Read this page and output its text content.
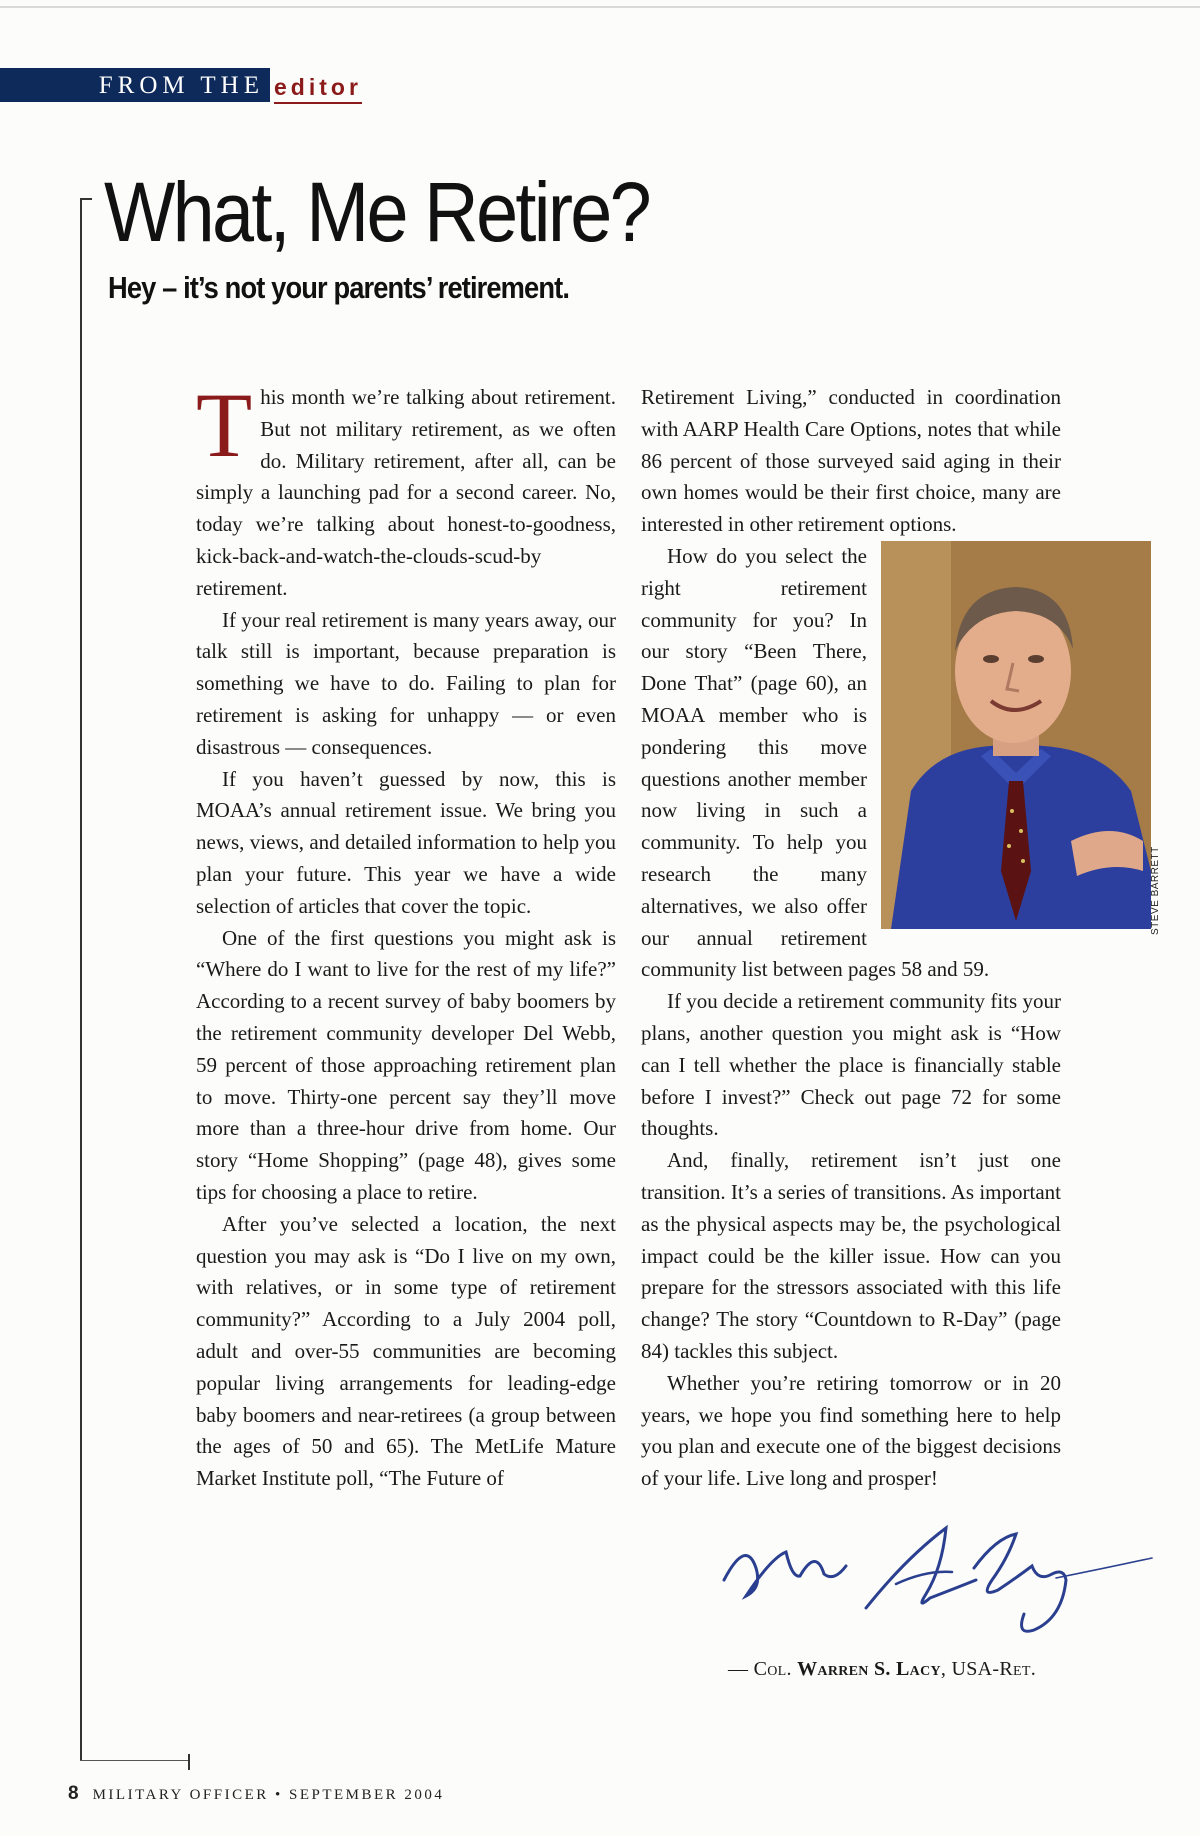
FROM THE editor
What, Me Retire?
Hey – it’s not your parents’ retirement.

This month we’re talking about retirement. But not military retirement, as we often do. Military retirement, after all, can be simply a launching pad for a second career. No, today we’re talking about honest-to-goodness, kick-back-and-watch-the-clouds-scud-by retirement.

If your real retirement is many years away, our talk still is important, because preparation is something we have to do. Failing to plan for retirement is asking for unhappy — or even disastrous — consequences.

If you haven’t guessed by now, this is MOAA’s annual retirement issue. We bring you news, views, and detailed information to help you plan your future. This year we have a wide selection of articles that cover the topic.

One of the first questions you might ask is “Where do I want to live for the rest of my life?” According to a recent survey of baby boomers by the retirement community developer Del Webb, 59 percent of those approaching retirement plan to move. Thirty-one percent say they’ll move more than a three-hour drive from home. Our story “Home Shopping” (page 48), gives some tips for choosing a place to retire.

After you’ve selected a location, the next question you may ask is “Do I live on my own, with relatives, or in some type of retirement community?” According to a July 2004 poll, adult and over-55 communities are becoming popular living arrangements for leading-edge baby boomers and near-retirees (a group between the ages of 50 and 65). The MetLife Mature Market Institute poll, “The Future of

Retirement Living,” conducted in coordination with AARP Health Care Options, notes that while 86 percent of those surveyed said aging in their own homes would be their first choice, many are interested in other retirement options.

How do you select the right retirement community for you? In our story “Been There, Done That” (page 60), an MOAA member who is pondering this move questions another member now living in such a community. To help you research the many alternatives, we also offer our annual retirement community list between pages 58 and 59.

If you decide a retirement community fits your plans, another question you might ask is “How can I tell whether the place is financially stable before I invest?” Check out page 72 for some thoughts.

And, finally, retirement isn’t just one transition. It’s a series of transitions. As important as the physical aspects may be, the psychological impact could be the killer issue. How can you prepare for the stressors associated with this life change? The story “Countdown to R-Day” (page 84) tackles this subject.

Whether you’re retiring tomorrow or in 20 years, we hope you find something here to help you plan and execute one of the biggest decisions of your life. Live long and prosper!

STEVE BARRETT
— Col. Warren S. Lacy, USA-Ret.
8 MILITARY OFFICER • SEPTEMBER 2004
